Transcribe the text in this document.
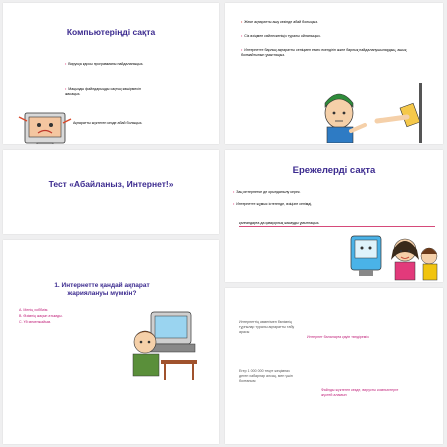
Компьютеріңді сақта
• Вирусқа қарсы программаны пайдаланыңыз.
• Маңызды файлдарыңды сақтық көшірмесін жасаңыз.
Ақпаратты жүктеген кезде абай болыңыз.
• Жеке ақпаратты ашу кезінде абай болыңыз.
• Сіз өзіңмен сөйлескеніңіз туралы ойланыңыз.
• Интернетте барлық ақпаратты сеніңмен емес екендігін және барлық пайдаланушылардың, ашық болмайтынын ұмытпаңыз.
Тест «Абайланыз, Интернет!»
Ережелерді сақта
• Заң интернетке де орынданылу керек.
• Интернетте жұмыс істегенде, өзіңізге сенімді,
қалғандарға да қамқорлық жасауды ұмытпаңыз.
1. Интернетте қандай ақпарат жариялануы мүмкін?
A. Менің хоббиім.
B. Өзімнің жақын атымды.
C. Үй мекенжайым.	Интернеттің көмегімен бөлімнің тұрғылар туралы ақпаратты табу арасы
Интернет балаларға қауіп төндіреміз
Егер 1 000 000 теңге жеңімпаз деген хабарлар алсаң, мен үшін болғаным
Файлды жүктеген кезде, вирусты компьютерге жүктей аламын
